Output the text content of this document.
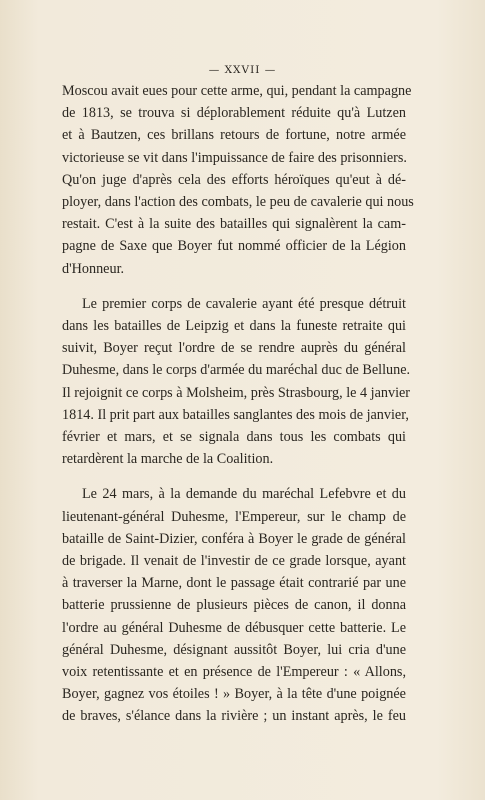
— XXVII —
Moscou avait eues pour cette arme, qui, pendant la campagne
de 1813, se trouva si déplorablement réduite qu'à Lutzen
et à Bautzen, ces brillans retours de fortune, notre armée
victorieuse se vit dans l'impuissance de faire des prisonniers.
Qu'on juge d'après cela des efforts héroïques qu'eut à dé-
ployer, dans l'action des combats, le peu de cavalerie qui nous
restait. C'est à la suite des batailles qui signalèrent la cam-
pagne de Saxe que Boyer fut nommé officier de la Légion
d'Honneur.
Le premier corps de cavalerie ayant été presque détruit
dans les batailles de Leipzig et dans la funeste retraite qui
suivit, Boyer reçut l'ordre de se rendre auprès du général
Duhesme, dans le corps d'armée du maréchal duc de Bellune.
Il rejoignit ce corps à Molsheim, près Strasbourg, le 4 janvier
1814. Il prit part aux batailles sanglantes des mois de janvier,
février et mars, et se signala dans tous les combats qui
retardèrent la marche de la Coalition.
Le 24 mars, à la demande du maréchal Lefebvre et du
lieutenant-général Duhesme, l'Empereur, sur le champ de
bataille de Saint-Dizier, conféra à Boyer le grade de général
de brigade. Il venait de l'investir de ce grade lorsque, ayant
à traverser la Marne, dont le passage était contrarié par une
batterie prussienne de plusieurs pièces de canon, il donna
l'ordre au général Duhesme de débusquer cette batterie. Le
général Duhesme, désignant aussitôt Boyer, lui cria d'une
voix retentissante et en présence de l'Empereur : « Allons,
Boyer, gagnez vos étoiles ! » Boyer, à la tête d'une poignée
de braves, s'élance dans la rivière ; un instant après, le feu
